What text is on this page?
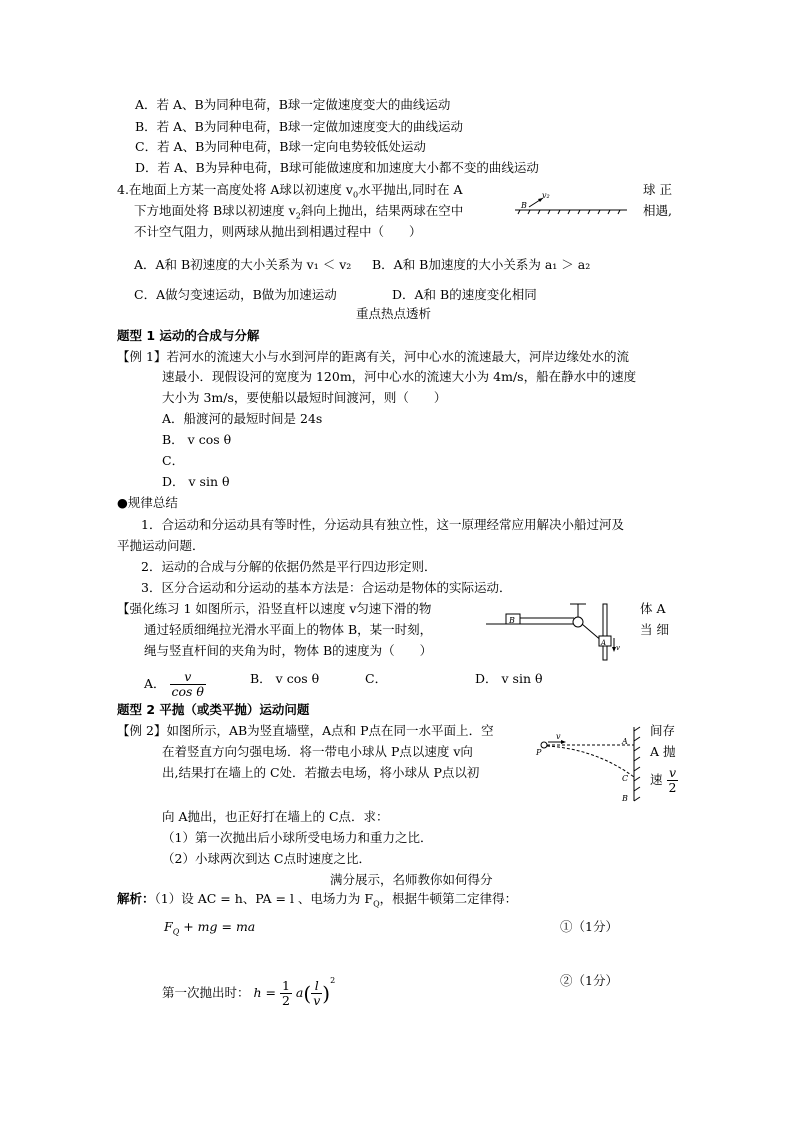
A．若 A、B为同种电荷，B球一定做速度变大的曲线运动
B．若 A、B为同种电荷，B球一定做加速度变大的曲线运动
C．若 A、B为同种电荷，B球一定向电势较低处运动
D．若 A、B为异种电荷，B球可能做速度和加速度大小都不变的曲线运动
4.在地面上方某一高度处将 A球以初速度 $v_0$水平抛出,同时在 A	球 正
下方地面处将 B球以初速度 $v_2$斜向上抛出，结果两球在空中	相遇,
不计空气阻力，则两球从抛出到相遇过程中（　　）
B
v₂
A．A和 B初速度的大小关系为 v₁ ＜ v₂ B．A和 B加速度的大小关系为 a₁ ＞ a₂
C．A做匀变速运动，B做为加速运动	D．A和 B的速度变化相同
重点热点透析
题型 1 运动的合成与分解
【例 1】若河水的流速大小与水到河岸的距离有关，河中心水的流速最大，河岸边缘处水的流
速最小．现假设河的宽度为 120m，河中心水的流速大小为 4m/s，船在静水中的速度
大小为 3m/s，要使船以最短时间渡河，则（　　）
A．船渡河的最短时间是 24s
B． v cos θ
C．
D． v sin θ
●规律总结
1．合运动和分运动具有等时性，分运动具有独立性，这一原理经常应用解决小船过河及
平抛运动问题．
2．运动的合成与分解的依据仍然是平行四边形定则．
3．区分合运动和分运动的基本方法是：合运动是物体的实际运动．
【强化练习 1 如图所示，沿竖直杆以速度 v匀速下滑的物	体 A
通过轻质细绳拉光滑水平面上的物体 B，某一时刻，	当 细
绳与竖直杆间的夹角为时，物体 B的速度为（　　）
B
A
v
A． $\frac{v}{\text{cos θ}}$	B． v cos θ	C．	D． v sin θ
题型 2 平抛（或类平抛）运动问题
【例 2】如图所示，AB为竖直墙壁，A点和 P点在同一水平面上．空	间存
在着竖直方向匀强电场．将一带电小球从 P点以速度 v向	A 抛
出,结果打在墙上的 C处．若撤去电场，将小球从 P点以初	速 $\frac{v}{2}$
P
v
A
C
B
向 A抛出，也正好打在墙上的 C点．求：
（1）第一次抛出后小球所受电场力和重力之比．
（2）小球两次到达 C点时速度之比．
满分展示，名师教你如何得分
解析：（1）设 AC = h、PA = l 、电场力为 $F_Q$，根据牛顿第二定律得：
$F_Q$ + mg = ma	①（1分）
第一次抛出时： $h = \frac{1}{2} a( \frac{l}{v} )^2$	②（1分）
